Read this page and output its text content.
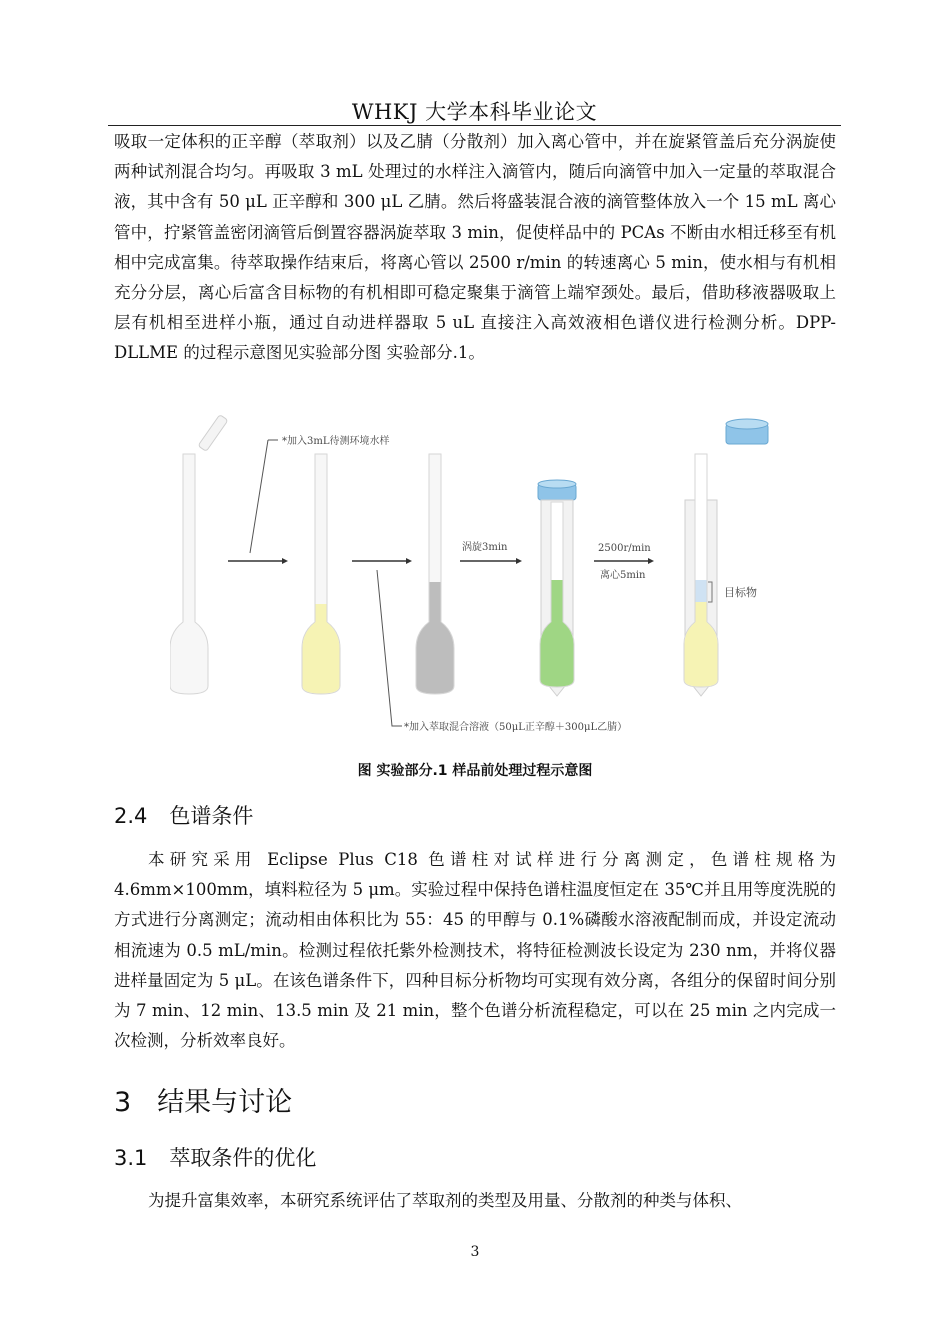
WHKJ 大学本科毕业论文

吸取一定体积的正辛醇（萃取剂）以及乙腈（分散剂）加入离心管中，并在旋紧管盖后充分涡旋使两种试剂混合均匀。再吸取 3 mL 处理过的水样注入滴管内，随后向滴管中加入一定量的萃取混合液，其中含有 50 μL 正辛醇和 300 μL 乙腈。然后将盛装混合液的滴管整体放入一个 15 mL 离心管中，拧紧管盖密闭滴管后倒置容器涡旋萃取 3 min，促使样品中的 PCAs 不断由水相迁移至有机相中完成富集。待萃取操作结束后，将离心管以 2500 r/min 的转速离心 5 min，使水相与有机相充分分层，离心后富含目标物的有机相即可稳定聚集于滴管上端窄颈处。最后，借助移液器吸取上层有机相至进样小瓶，通过自动进样器取 5 uL 直接注入高效液相色谱仪进行检测分析。DPP-DLLME 的过程示意图见实验部分图 实验部分.1。

*加入3mL待测环境水样
*加入萃取混合溶液（50μL正辛醇＋300μL乙腈）
涡旋3min	2500r/min
离心5min
目标物
图 实验部分.1 样品前处理过程示意图
2.4 色谱条件

本研究采用 Eclipse Plus C18 色谱柱对试样进行分离测定，色谱柱规格为 4.6mm×100mm，填料粒径为 5 μm。实验过程中保持色谱柱温度恒定在 35℃并且用等度洗脱的方式进行分离测定；流动相由体积比为 55：45 的甲醇与 0.1%磷酸水溶液配制而成，并设定流动相流速为 0.5 mL/min。检测过程依托紫外检测技术，将特征检测波长设定为 230 nm，并将仪器进样量固定为 5 μL。在该色谱条件下，四种目标分析物均可实现有效分离，各组分的保留时间分别为 7 min、12 min、13.5 min 及 21 min，整个色谱分析流程稳定，可以在 25 min 之内完成一次检测，分析效率良好。

3 结果与讨论
3.1 萃取条件的优化

为提升富集效率，本研究系统评估了萃取剂的类型及用量、分散剂的种类与体积、

3
